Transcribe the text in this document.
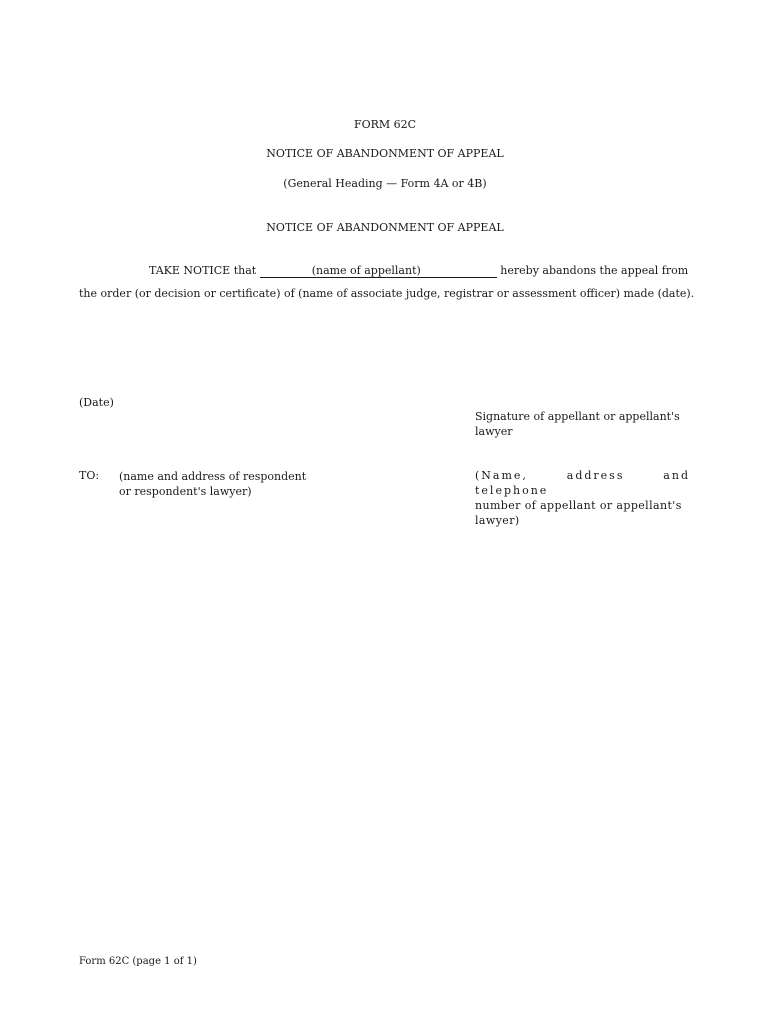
FORM 62C
NOTICE OF ABANDONMENT OF APPEAL
(General Heading — Form 4A or 4B)
NOTICE OF ABANDONMENT OF APPEAL
TAKE NOTICE that	(name of appellant)	hereby abandons the appeal from
the order (or decision or certificate) of (name of associate judge, registrar or assessment officer) made (date).
(Date)
Signature of appellant or appellant's
lawyer
TO: (name and address of respondent
or respondent's lawyer)
(Name, address and telephone
number of appellant or appellant's
lawyer)
Form 62C (page 1 of 1)
